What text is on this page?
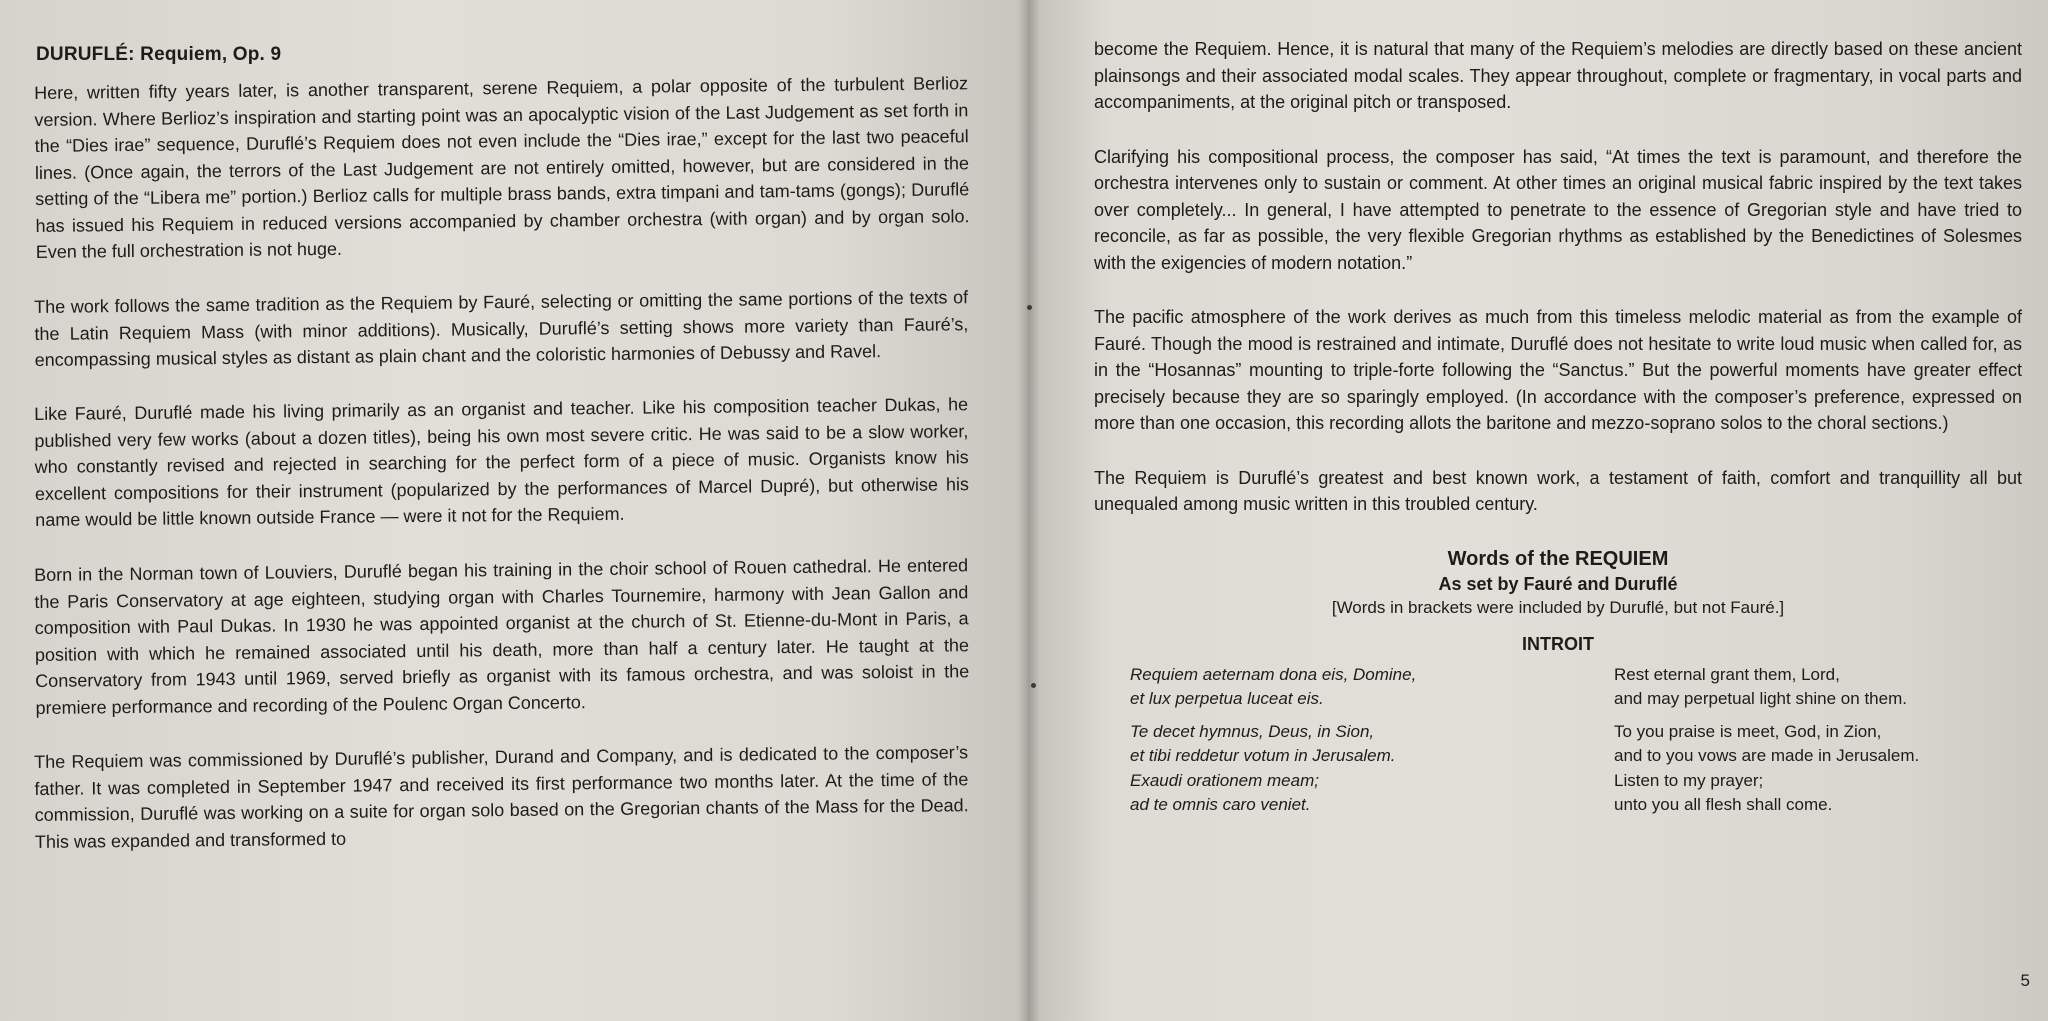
DURUFLÉ: Requiem, Op. 9

Here, written fifty years later, is another transparent, serene Requiem, a polar opposite of the turbulent Berlioz version. Where Berlioz’s inspiration and starting point was an apocalyptic vision of the Last Judgement as set forth in the “Dies irae” sequence, Duruflé’s Requiem does not even include the “Dies irae,” except for the last two peaceful lines. (Once again, the terrors of the Last Judgement are not entirely omitted, however, but are considered in the setting of the “Libera me” portion.) Berlioz calls for multiple brass bands, extra timpani and tam-tams (gongs); Duruflé has issued his Requiem in reduced versions accompanied by chamber orchestra (with organ) and by organ solo. Even the full orchestration is not huge.

The work follows the same tradition as the Requiem by Fauré, selecting or omitting the same portions of the texts of the Latin Requiem Mass (with minor additions). Musically, Duruflé’s setting shows more variety than Fauré’s, encompassing musical styles as distant as plain chant and the coloristic harmonies of Debussy and Ravel.

Like Fauré, Duruflé made his living primarily as an organist and teacher. Like his composition teacher Dukas, he published very few works (about a dozen titles), being his own most severe critic. He was said to be a slow worker, who constantly revised and rejected in searching for the perfect form of a piece of music. Organists know his excellent compositions for their instrument (popularized by the performances of Marcel Dupré), but otherwise his name would be little known outside France — were it not for the Requiem.

Born in the Norman town of Louviers, Duruflé began his training in the choir school of Rouen cathedral. He entered the Paris Conservatory at age eighteen, studying organ with Charles Tournemire, harmony with Jean Gallon and composition with Paul Dukas. In 1930 he was appointed organist at the church of St. Etienne-du-Mont in Paris, a position with which he remained associated until his death, more than half a century later. He taught at the Conservatory from 1943 until 1969, served briefly as organist with its famous orchestra, and was soloist in the premiere performance and recording of the Poulenc Organ Concerto.

The Requiem was commissioned by Duruflé’s publisher, Durand and Company, and is dedicated to the composer’s father. It was completed in September 1947 and received its first performance two months later. At the time of the commission, Duruflé was working on a suite for organ solo based on the Gregorian chants of the Mass for the Dead. This was expanded and transformed to

become the Requiem. Hence, it is natural that many of the Requiem’s melodies are directly based on these ancient plainsongs and their associated modal scales. They appear throughout, complete or fragmentary, in vocal parts and accompaniments, at the original pitch or transposed.

Clarifying his compositional process, the composer has said, “At times the text is paramount, and therefore the orchestra intervenes only to sustain or comment. At other times an original musical fabric inspired by the text takes over completely... In general, I have attempted to penetrate to the essence of Gregorian style and have tried to reconcile, as far as possible, the very flexible Gregorian rhythms as established by the Benedictines of Solesmes with the exigencies of modern notation.”

The pacific atmosphere of the work derives as much from this timeless melodic material as from the example of Fauré. Though the mood is restrained and intimate, Duruflé does not hesitate to write loud music when called for, as in the “Hosannas” mounting to triple-forte following the “Sanctus.” But the powerful moments have greater effect precisely because they are so sparingly employed. (In accordance with the composer’s preference, expressed on more than one occasion, this recording allots the baritone and mezzo-soprano solos to the choral sections.)

The Requiem is Duruflé’s greatest and best known work, a testament of faith, comfort and tranquillity all but unequaled among music written in this troubled century.

Words of the REQUIEM
As set by Fauré and Duruflé
[Words in brackets were included by Duruflé, but not Fauré.]
INTROIT
Requiem aeternam dona eis, Domine,
et lux perpetua luceat eis.
Te decet hymnus, Deus, in Sion,
et tibi reddetur votum in Jerusalem.
Exaudi orationem meam;
ad te omnis caro veniet.
Rest eternal grant them, Lord,
and may perpetual light shine on them.
To you praise is meet, God, in Zion,
and to you vows are made in Jerusalem.
Listen to my prayer;
unto you all flesh shall come.
5
